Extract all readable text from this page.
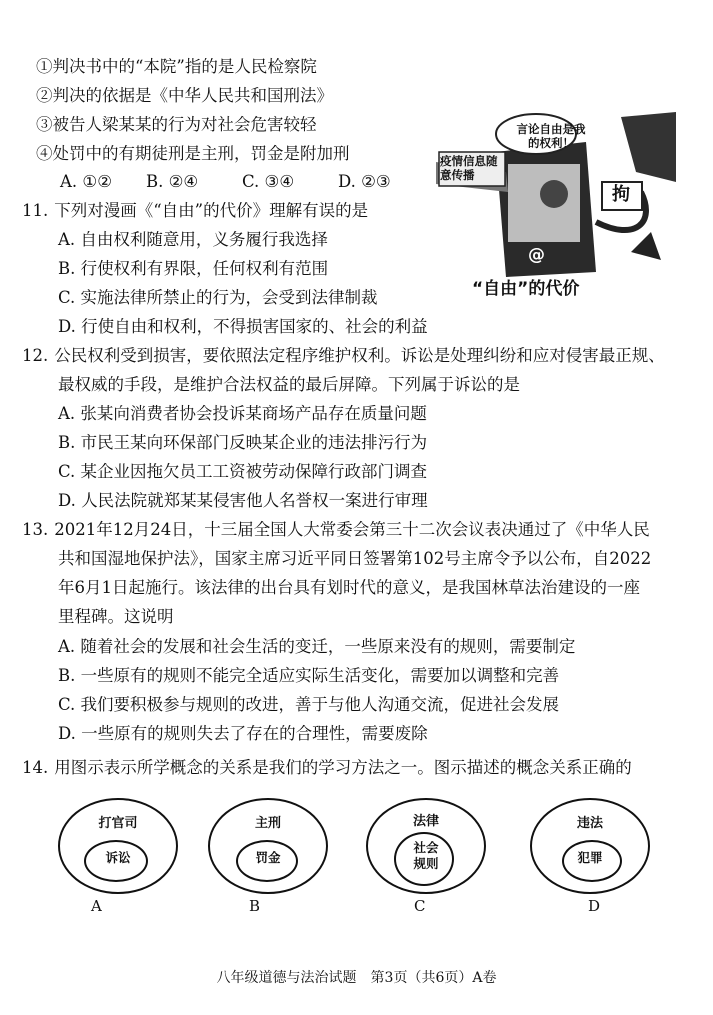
①判决书中的“本院”指的是人民检察院
②判决的依据是《中华人民共和国刑法》
③被告人梁某某的行为对社会危害较轻
④处罚中的有期徒刑是主刑，罚金是附加刑
A. ①② B. ②④	C. ③④	D. ②③
言论自由是我的权利！
疫情信息随意传播
拘
@
“自由”的代价
11. 下列对漫画《“自由”的代价》理解有误的是
A. 自由权利随意用，义务履行我选择
B. 行使权利有界限，任何权利有范围
C. 实施法律所禁止的行为，会受到法律制裁
D. 行使自由和权利，不得损害国家的、社会的利益
12. 公民权利受到损害，要依照法定程序维护权利。诉讼是处理纠纷和应对侵害最正规、
最权威的手段，是维护合法权益的最后屏障。下列属于诉讼的是
A. 张某向消费者协会投诉某商场产品存在质量问题
B. 市民王某向环保部门反映某企业的违法排污行为
C. 某企业因拖欠员工工资被劳动保障行政部门调查
D. 人民法院就郑某某侵害他人名誉权一案进行审理
13. 2021年12月24日，十三届全国人大常委会第三十二次会议表决通过了《中华人民
共和国湿地保护法》，国家主席习近平同日签署第102号主席令予以公布，自2022
年6月1日起施行。该法律的出台具有划时代的意义，是我国林草法治建设的一座
里程碑。这说明
A. 随着社会的发展和社会生活的变迁，一些原来没有的规则，需要制定
B. 一些原有的规则不能完全适应实际生活变化，需要加以调整和完善
C. 我们要积极参与规则的改进，善于与他人沟通交流，促进社会发展
D. 一些原有的规则失去了存在的合理性，需要废除
14. 用图示表示所学概念的关系是我们的学习方法之一。图示描述的概念关系正确的
打官司
诉讼
主刑
罚金
法律
社会
规则
违法
犯罪
A	B	C	D
八年级道德与法治试题　第3页（共6页）A卷
